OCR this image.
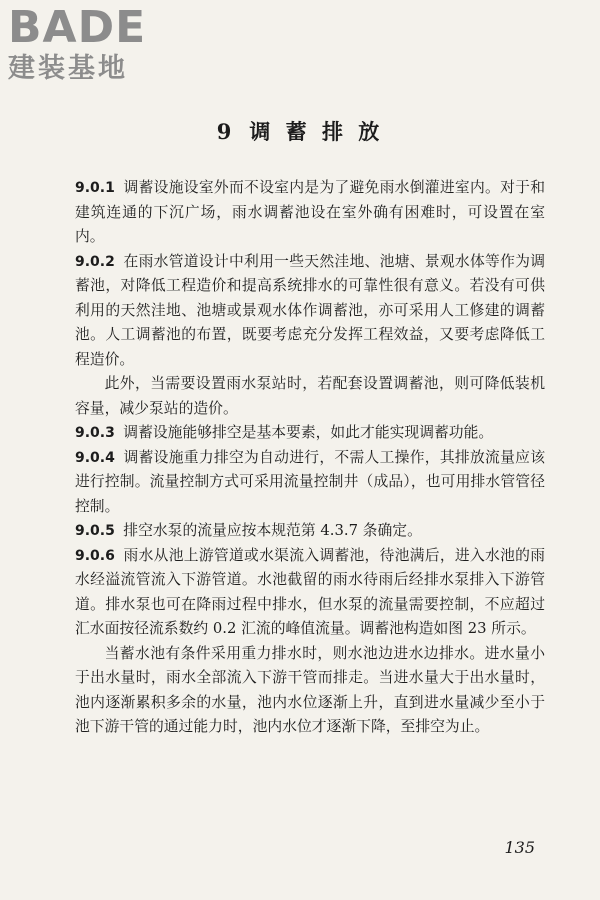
BADE
建装基地
9 调 蓄 排 放

9.0.1 调蓄设施设室外而不设室内是为了避免雨水倒灌进室内。对于和建筑连通的下沉广场，雨水调蓄池设在室外确有困难时，可设置在室内。

9.0.2 在雨水管道设计中利用一些天然洼地、池塘、景观水体等作为调蓄池，对降低工程造价和提高系统排水的可靠性很有意义。若没有可供利用的天然洼地、池塘或景观水体作调蓄池，亦可采用人工修建的调蓄池。人工调蓄池的布置，既要考虑充分发挥工程效益，又要考虑降低工程造价。

此外，当需要设置雨水泵站时，若配套设置调蓄池，则可降低装机容量，减少泵站的造价。

9.0.3 调蓄设施能够排空是基本要素，如此才能实现调蓄功能。

9.0.4 调蓄设施重力排空为自动进行，不需人工操作，其排放流量应该进行控制。流量控制方式可采用流量控制井（成品），也可用排水管管径控制。

9.0.5 排空水泵的流量应按本规范第 4.3.7 条确定。

9.0.6 雨水从池上游管道或水渠流入调蓄池，待池满后，进入水池的雨水经溢流管流入下游管道。水池截留的雨水待雨后经排水泵排入下游管道。排水泵也可在降雨过程中排水，但水泵的流量需要控制，不应超过汇水面按径流系数约 0.2 汇流的峰值流量。调蓄池构造如图 23 所示。

当蓄水池有条件采用重力排水时，则水池边进水边排水。进水量小于出水量时，雨水全部流入下游干管而排走。当进水量大于出水量时，池内逐渐累积多余的水量，池内水位逐渐上升，直到进水量减少至小于池下游干管的通过能力时，池内水位才逐渐下降，至排空为止。

135
